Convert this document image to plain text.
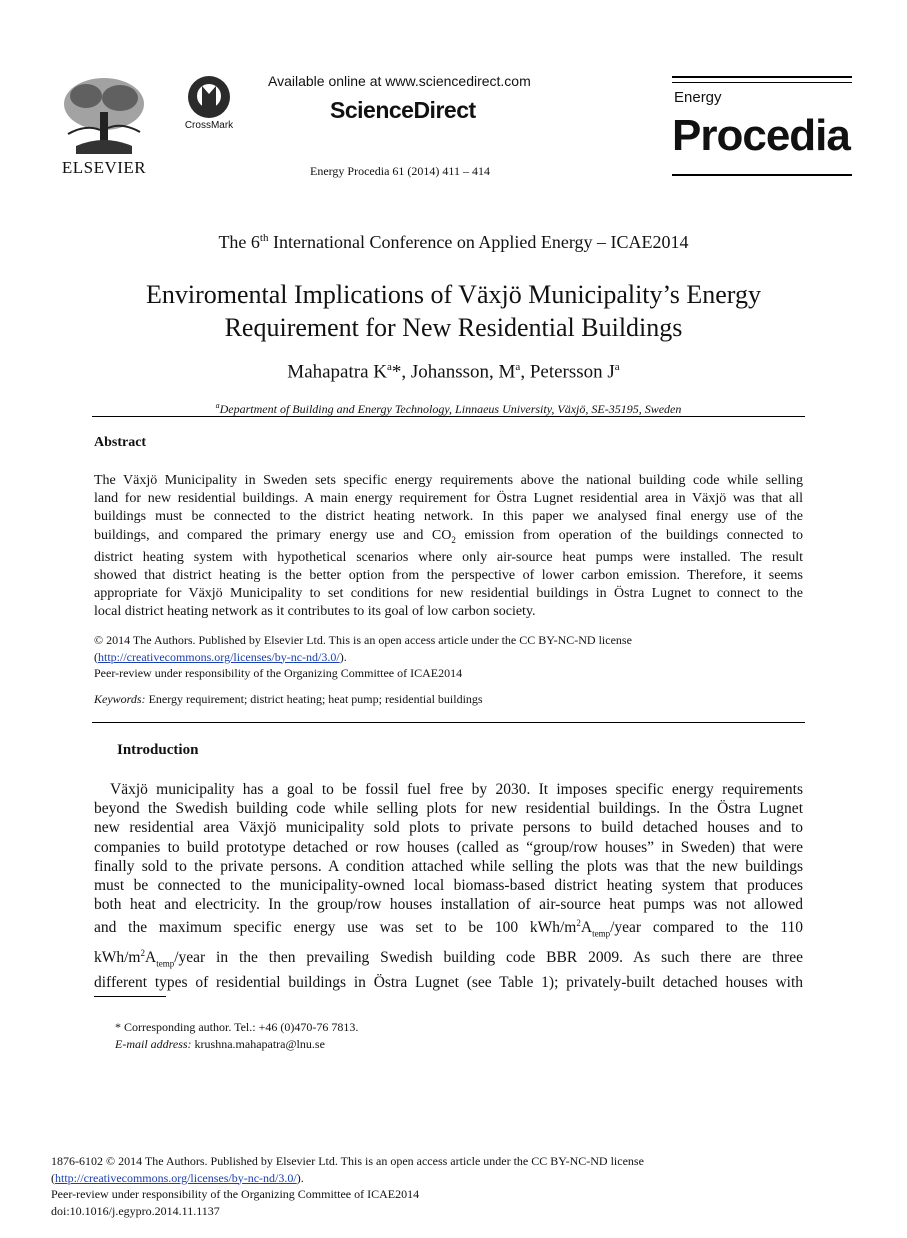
ELSEVIER
CrossMark
Available online at www.sciencedirect.com
ScienceDirect
Energy Procedia 61 (2014) 411 – 414
Energy
Procedia
The 6th International Conference on Applied Energy – ICAE2014
Enviromental Implications of Växjö Municipality’s Energy
Requirement for New Residential Buildings
Mahapatra $K^a*$, Johansson, $M^a$, Petersson $J^a$
$^a$Department of Building and Energy Technology, Linnaeus University, Växjö, SE-35195, Sweden
Abstract
The Växjö Municipality in Sweden sets specific energy requirements above the national building code while selling
land for new residential buildings. A main energy requirement for Östra Lugnet residential area in Växjö was that all
buildings must be connected to the district heating network. In this paper we analysed final energy use of the
buildings, and compared the primary energy use and $CO_2$ emission from operation of the buildings connected to
district heating system with hypothetical scenarios where only air-source heat pumps were installed. The result
showed that district heating is the better option from the perspective of lower carbon emission. Therefore, it seems
appropriate for Växjö Municipality to set conditions for new residential buildings in Östra Lugnet to connect to the
local district heating network as it contributes to its goal of low carbon society.
© 2014 The Authors. Published by Elsevier Ltd. This is an open access article under the CC BY-NC-ND license
(http://creativecommons.org/licenses/by-nc-nd/3.0/).
Peer-review under responsibility of the Organizing Committee of ICAE2014
Keywords: Energy requirement; district heating; heat pump; residential buildings
Introduction
Växjö municipality has a goal to be fossil fuel free by 2030. It imposes specific energy requirements
beyond the Swedish building code while selling plots for new residential buildings. In the Östra Lugnet
new residential area Växjö municipality sold plots to private persons to build detached houses and to
companies to build prototype detached or row houses (called as “group/row houses” in Sweden) that were
finally sold to the private persons. A condition attached while selling the plots was that the new buildings
must be connected to the municipality-owned local biomass-based district heating system that produces
both heat and electricity. In the group/row houses installation of air-source heat pumps was not allowed
and the maximum specific energy use was set to be 100 kWh/$m^2A_{temp}$/year compared to the 110
kWh/$m^2A_{temp}$/year in the then prevailing Swedish building code BBR 2009. As such there are three
different types of residential buildings in Östra Lugnet (see Table 1); privately-built detached houses with
* Corresponding author. Tel.: +46 (0)470-76 7813.
E-mail address: krushna.mahapatra@lnu.se
1876-6102 © 2014 The Authors. Published by Elsevier Ltd. This is an open access article under the CC BY-NC-ND license
(http://creativecommons.org/licenses/by-nc-nd/3.0/).
Peer-review under responsibility of the Organizing Committee of ICAE2014
doi:10.1016/j.egypro.2014.11.1137
